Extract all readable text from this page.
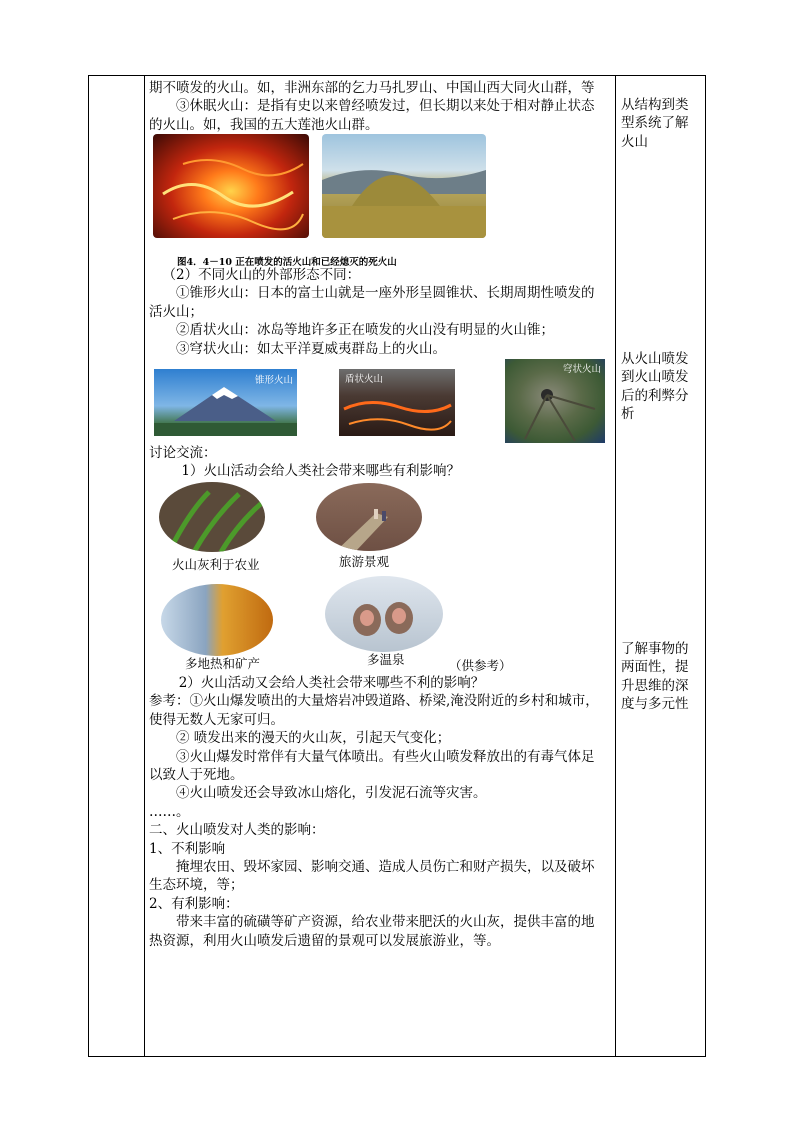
期不喷发的火山。如，非洲东部的乞力马扎罗山、中国山西大同火山群，等

③休眠火山：是指有史以来曾经喷发过，但长期以来处于相对静止状态

的火山。如，我国的五大莲池火山群。

图4．4－10 正在喷发的活火山和已经熄灭的死火山

（2）不同火山的外部形态不同：

①锥形火山：日本的富士山就是一座外形呈圆锥状、长期周期性喷发的

活火山；

②盾状火山：冰岛等地许多正在喷发的火山没有明显的火山锥；

③穹状火山：如太平洋夏威夷群岛上的火山。

锥形火山	盾状火山
穹状火山

讨论交流：

1）火山活动会给人类社会带来哪些有利影响？

火山灰利于农业	旅游景观
多地热和矿产	多温泉	（供参考）

2）火山活动又会给人类社会带来哪些不利的影响？

参考：①火山爆发喷出的大量熔岩冲毁道路、桥梁,淹没附近的乡村和城市，

使得无数人无家可归。

② 喷发出来的漫天的火山灰，引起天气变化；

③火山爆发时常伴有大量气体喷出。有些火山喷发释放出的有毒气体足

以致人于死地。

④火山喷发还会导致冰山熔化，引发泥石流等灾害。

……。

二、火山喷发对人类的影响：

1、不利影响

掩埋农田、毁坏家园、影响交通、造成人员伤亡和财产损失，以及破坏

生态环境，等；

2、有利影响：

带来丰富的硫磺等矿产资源，给农业带来肥沃的火山灰，提供丰富的地

热资源，利用火山喷发后遗留的景观可以发展旅游业，等。

从结构到类
型系统了解
火山
从火山喷发
到火山喷发
后的利弊分
析
了解事物的
两面性，提
升思维的深
度与多元性
